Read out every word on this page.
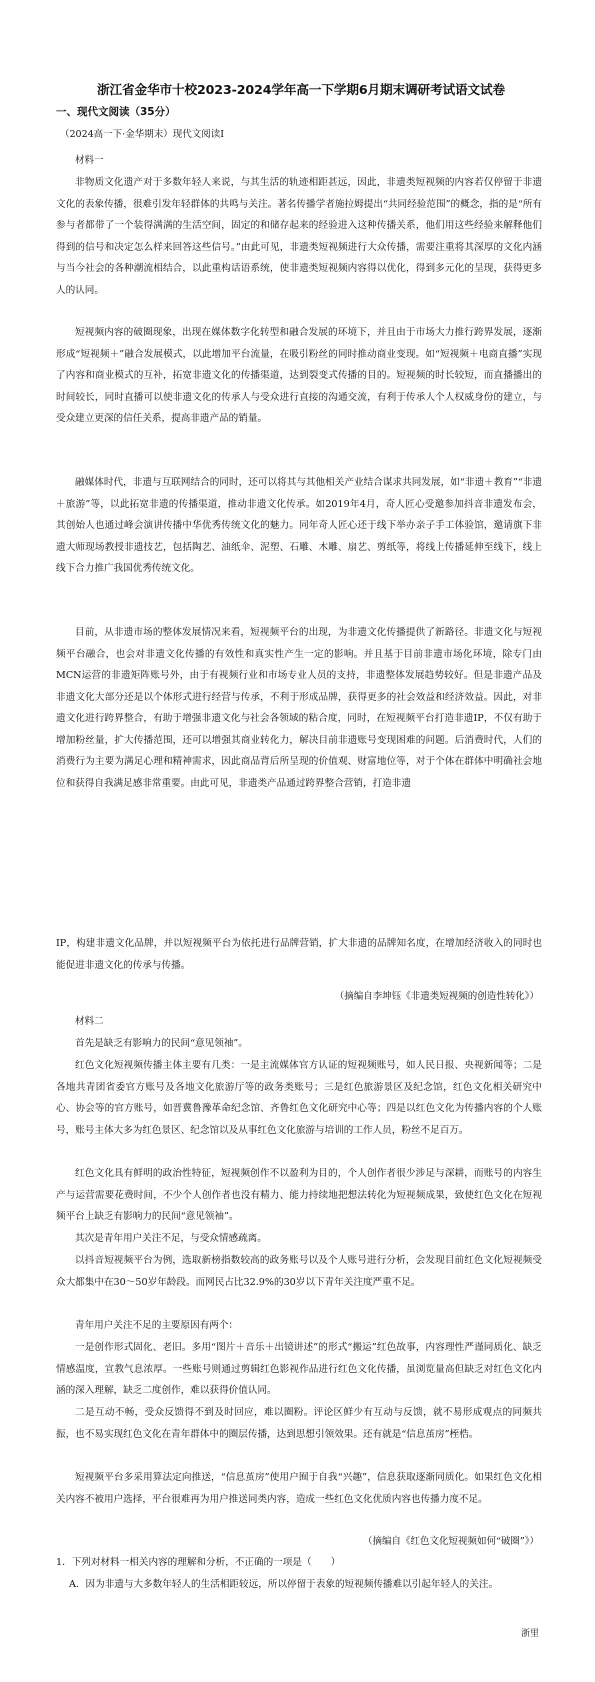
浙江省金华市十校2023-2024学年高一下学期6月期末调研考试语文试卷
一、现代文阅读（35分）
（2024高一下·金华期末）现代文阅读Ⅰ
材料一

非物质文化遗产对于多数年轻人来说，与其生活的轨迹相距甚远，因此，非遗类短视频的内容若仅停留于非遗文化的表象传播，很难引发年轻群体的共鸣与关注。著名传播学者施拉姆提出“共同经验范围”的概念，指的是“所有参与者都带了一个装得满满的生活空间，固定的和储存起来的经验进入这种传播关系，他们用这些经验来解释他们得到的信号和决定怎么样来回答这些信号。”由此可见，非遗类短视频进行大众传播，需要注重将其深厚的文化内涵与当今社会的各种潮流相结合，以此重构话语系统，使非遗类短视频内容得以优化，得到多元化的呈现，获得更多人的认同。

短视频内容的破圈现象，出现在媒体数字化转型和融合发展的环境下，并且由于市场大力推行跨界发展，逐渐形成“短视频＋”融合发展模式，以此增加平台流量，在吸引粉丝的同时推动商业变现。如“短视频＋电商直播”实现了内容和商业模式的互补，拓宽非遗文化的传播渠道，达到裂变式传播的目的。短视频的时长较短，而直播播出的时间较长，同时直播可以使非遗文化的传承人与受众进行直接的沟通交流，有利于传承人个人权威身份的建立，与受众建立更深的信任关系，提高非遗产品的销量。

融媒体时代，非遗与互联网结合的同时，还可以将其与其他相关产业结合谋求共同发展，如“非遗＋教育”“非遗＋旅游”等，以此拓宽非遗的传播渠道，推动非遗文化传承。如2019年4月，奇人匠心受邀参加抖音非遗发布会，其创始人也通过峰会演讲传播中华优秀传统文化的魅力。同年奇人匠心还于线下举办亲子手工体验馆，邀请旗下非遗大师现场教授非遗技艺，包括陶艺、油纸伞、泥塑、石雕、木雕、扇艺、剪纸等，将线上传播延伸至线下，线上线下合力推广我国优秀传统文化。

目前，从非遗市场的整体发展情况来看，短视频平台的出现，为非遗文化传播提供了新路径。非遗文化与短视频平台融合，也会对非遗文化传播的有效性和真实性产生一定的影响。并且基于目前非遗市场化环境，除专门由MCN运营的非遗矩阵账号外，由于有视频行业和市场专业人员的支持，非遗整体发展趋势较好。但是非遗产品及非遗文化大部分还是以个体形式进行经营与传承，不利于形成品牌，获得更多的社会效益和经济效益。因此，对非遗文化进行跨界整合，有助于增强非遗文化与社会各领域的粘合度，同时，在短视频平台打造非遗IP，不仅有助于增加粉丝量，扩大传播范围，还可以增强其商业转化力，解决目前非遗账号变现困难的问题。后消费时代，人们的消费行为主要为满足心理和精神需求，因此商品背后所呈现的价值观、财富地位等，对于个体在群体中明确社会地位和获得自我满足感非常重要。由此可见，非遗类产品通过跨界整合营销，打造非遗

IP，构建非遗文化品牌，并以短视频平台为依托进行品牌营销，扩大非遗的品牌知名度，在增加经济收入的同时也能促进非遗文化的传承与传播。

（摘编自李坤钰《非遗类短视频的创造性转化》）
材料二

首先是缺乏有影响力的民间“意见领袖”。

红色文化短视频传播主体主要有几类：一是主流媒体官方认证的短视频账号，如人民日报、央视新闻等；二是各地共青团省委官方账号及各地文化旅游厅等的政务类账号；三是红色旅游景区及纪念馆，红色文化相关研究中心、协会等的官方账号，如晋冀鲁豫革命纪念馆、齐鲁红色文化研究中心等；四是以红色文化为传播内容的个人账号，账号主体大多为红色景区、纪念馆以及从事红色文化旅游与培训的工作人员，粉丝不足百万。

红色文化具有鲜明的政治性特征，短视频创作不以盈利为目的，个人创作者很少涉足与深耕，而账号的内容生产与运营需要花费时间，不少个人创作者也没有精力、能力持续地把想法转化为短视频成果，致使红色文化在短视频平台上缺乏有影响力的民间“意见领袖”。

其次是青年用户关注不足，与受众情感疏离。

以抖音短视频平台为例，选取新榜指数较高的政务账号以及个人账号进行分析，会发现目前红色文化短视频受众大都集中在30～50岁年龄段。而网民占比32.9%的30岁以下青年关注度严重不足。

青年用户关注不足的主要原因有两个：

一是创作形式固化、老旧。多用“图片＋音乐＋出镜讲述”的形式“搬运”红色故事，内容理性严谨同质化、缺乏情感温度，宣教气息浓厚。一些账号则通过剪辑红色影视作品进行红色文化传播，虽浏览量高但缺乏对红色文化内涵的深入理解，缺乏二度创作，难以获得价值认同。

二是互动不畅，受众反馈得不到及时回应，难以圈粉。评论区鲜少有互动与反馈，就不易形成观点的同频共振，也不易实现红色文化在青年群体中的圈层传播，达到思想引领效果。还有就是“信息茧房”桎梏。

短视频平台多采用算法定向推送，“信息茧房”使用户囿于自我“兴趣”，信息获取逐渐同质化。如果红色文化相关内容不被用户选择，平台很难再为用户推送同类内容，造成一些红色文化优质内容也传播力度不足。

（摘编自《红色文化短视频如何“破圈”》）

1．下列对材料一相关内容的理解和分析，不正确的一项是（　　）

A．因为非遗与大多数年轻人的生活相距较远，所以停留于表象的短视频传播难以引起年轻人的关注。

浙里
